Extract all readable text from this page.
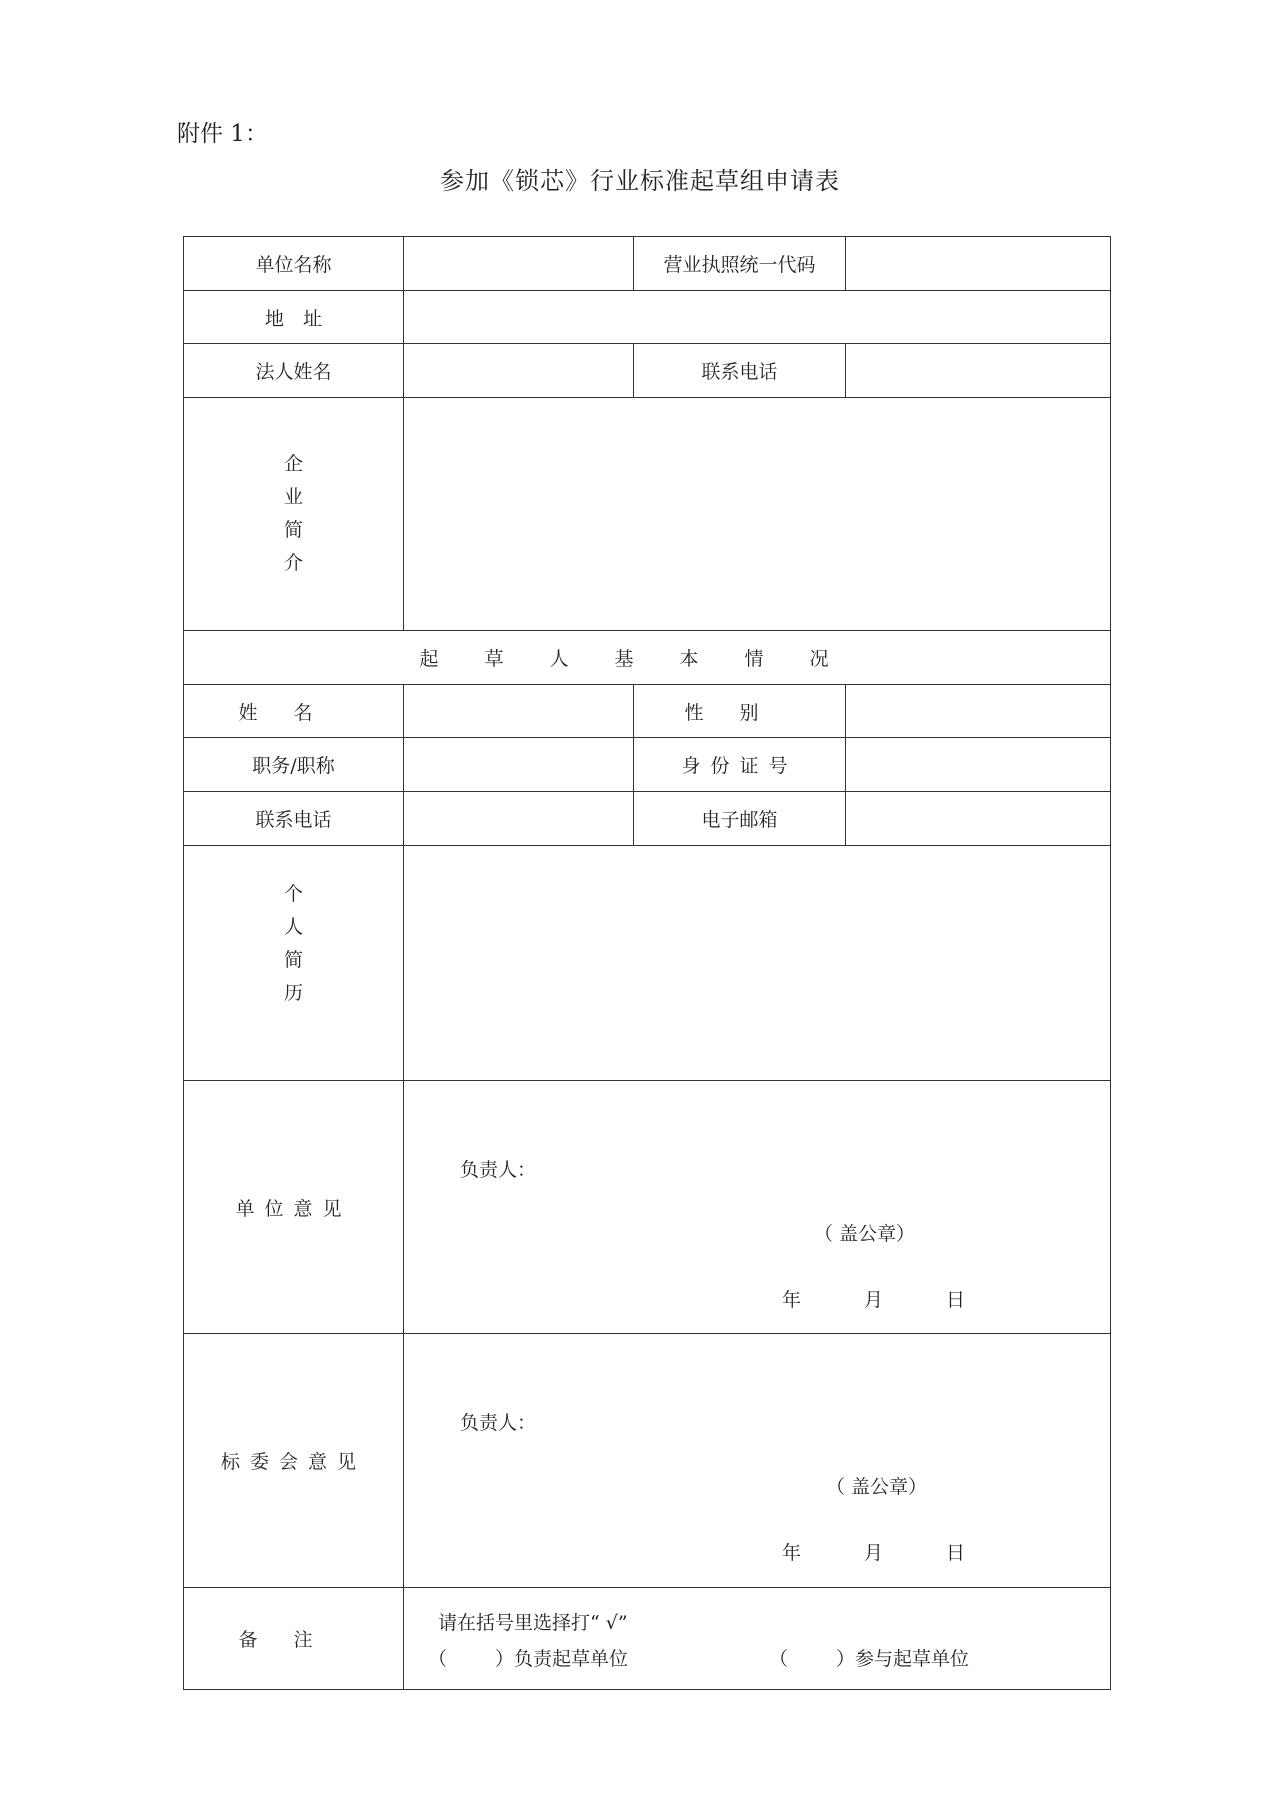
附件 1：
参加《锁芯》行业标准起草组申请表
单位名称		营业执照统一代码	
地　址			
法人姓名		联系电话	

企
业
简
介			

起草人基本情况			
姓名		性别	
职务/职称		身份证号	
联系电话		电子邮箱	

个
人
简
历			

单位意见	负责人：
（ 盖公章）
年 月 日		

标委会意见	负责人：
（ 盖公章）
年 月 日		

备注	请在括号里选择打“ √”
（ ）负责起草单位 （ ）参与起草单位		
